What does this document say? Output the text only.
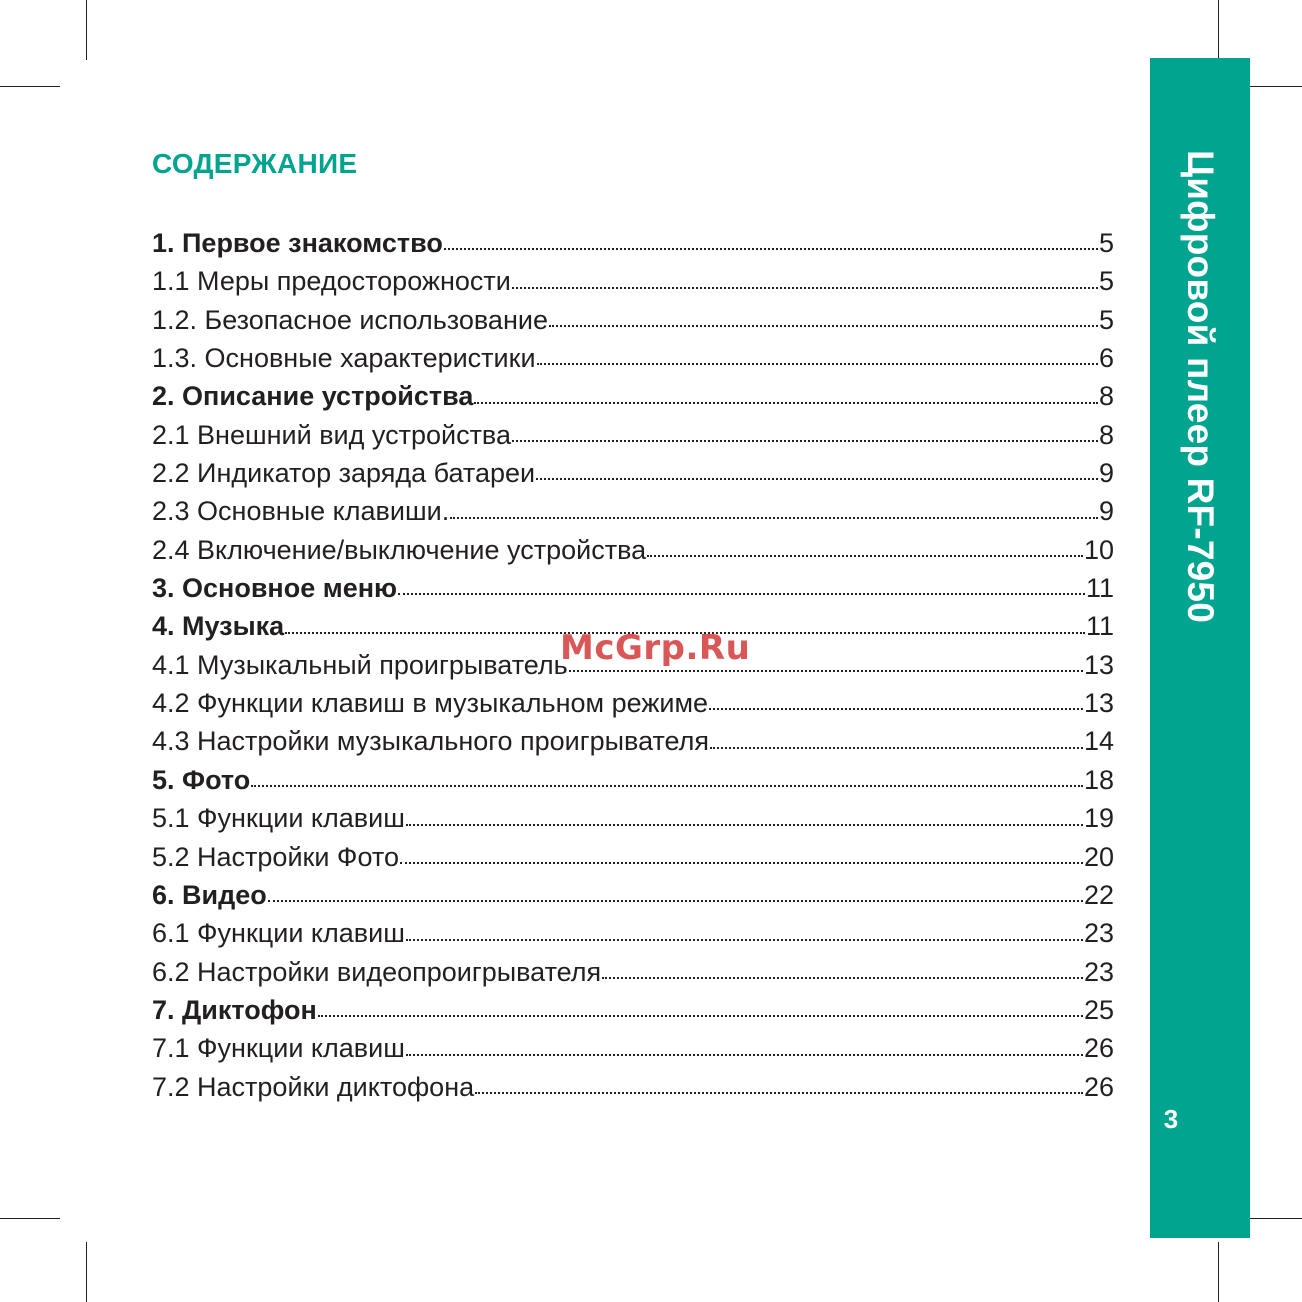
Цифровой плеер RF-7950
3
СОДЕРЖАНИЕ
1. Первое знакомство	5
1.1 Меры предосторожности	5
1.2. Безопасное использование	5
1.3. Основные характеристики	6
2. Описание устройства	8
2.1 Внешний вид устройства	8
2.2 Индикатор заряда батареи	9
2.3 Основные клавиши.	9
2.4 Включение/выключение устройства	10
3. Основное меню	11
4. Музыка	11
4.1 Музыкальный проигрыватель	13
4.2 Функции клавиш в музыкальном режиме	13
4.3 Настройки музыкального проигрывателя	14
5. Фото	18
5.1 Функции клавиш	19
5.2 Настройки Фото	20
6. Видео	22
6.1 Функции клавиш	23
6.2 Настройки видеопроигрывателя	23
7. Диктофон	25
7.1 Функции клавиш	26
7.2 Настройки диктофона	26
McGrp.Ru
